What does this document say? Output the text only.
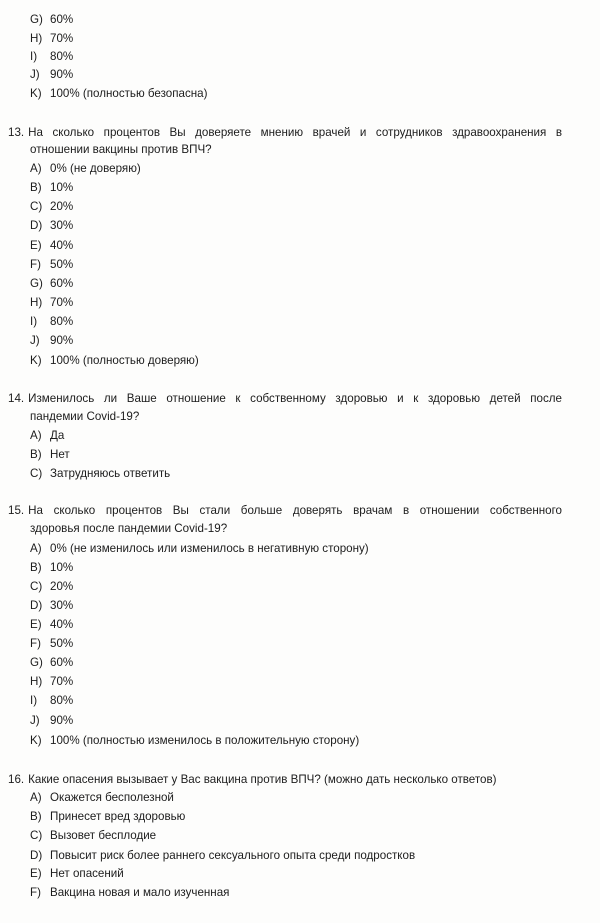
G) 60%
H) 70%
I) 80%
J) 90%
K) 100% (полностью безопасна)
13. На сколько процентов Вы доверяете мнению врачей и сотрудников здравоохранения в
отношении вакцины против ВПЧ?
A) 0% (не доверяю)
B) 10%
C) 20%
D) 30%
E) 40%
F) 50%
G) 60%
H) 70%
I) 80%
J) 90%
K) 100% (полностью доверяю)
14. Изменилось ли Ваше отношение к собственному здоровью и к здоровью детей после
пандемии Covid-19?
A) Да
B) Нет
C) Затрудняюсь ответить
15. На сколько процентов Вы стали больше доверять врачам в отношении собственного
здоровья после пандемии Covid-19?
A) 0% (не изменилось или изменилось в негативную сторону)
B) 10%
C) 20%
D) 30%
E) 40%
F) 50%
G) 60%
H) 70%
I) 80%
J) 90%
K) 100% (полностью изменилось в положительную сторону)
16. Какие опасения вызывает у Вас вакцина против ВПЧ? (можно дать несколько ответов)
A) Окажется бесполезной
B) Принесет вред здоровью
C) Вызовет бесплодие
D) Повысит риск более раннего сексуального опыта среди подростков
E) Нет опасений
F) Вакцина новая и мало изученная
